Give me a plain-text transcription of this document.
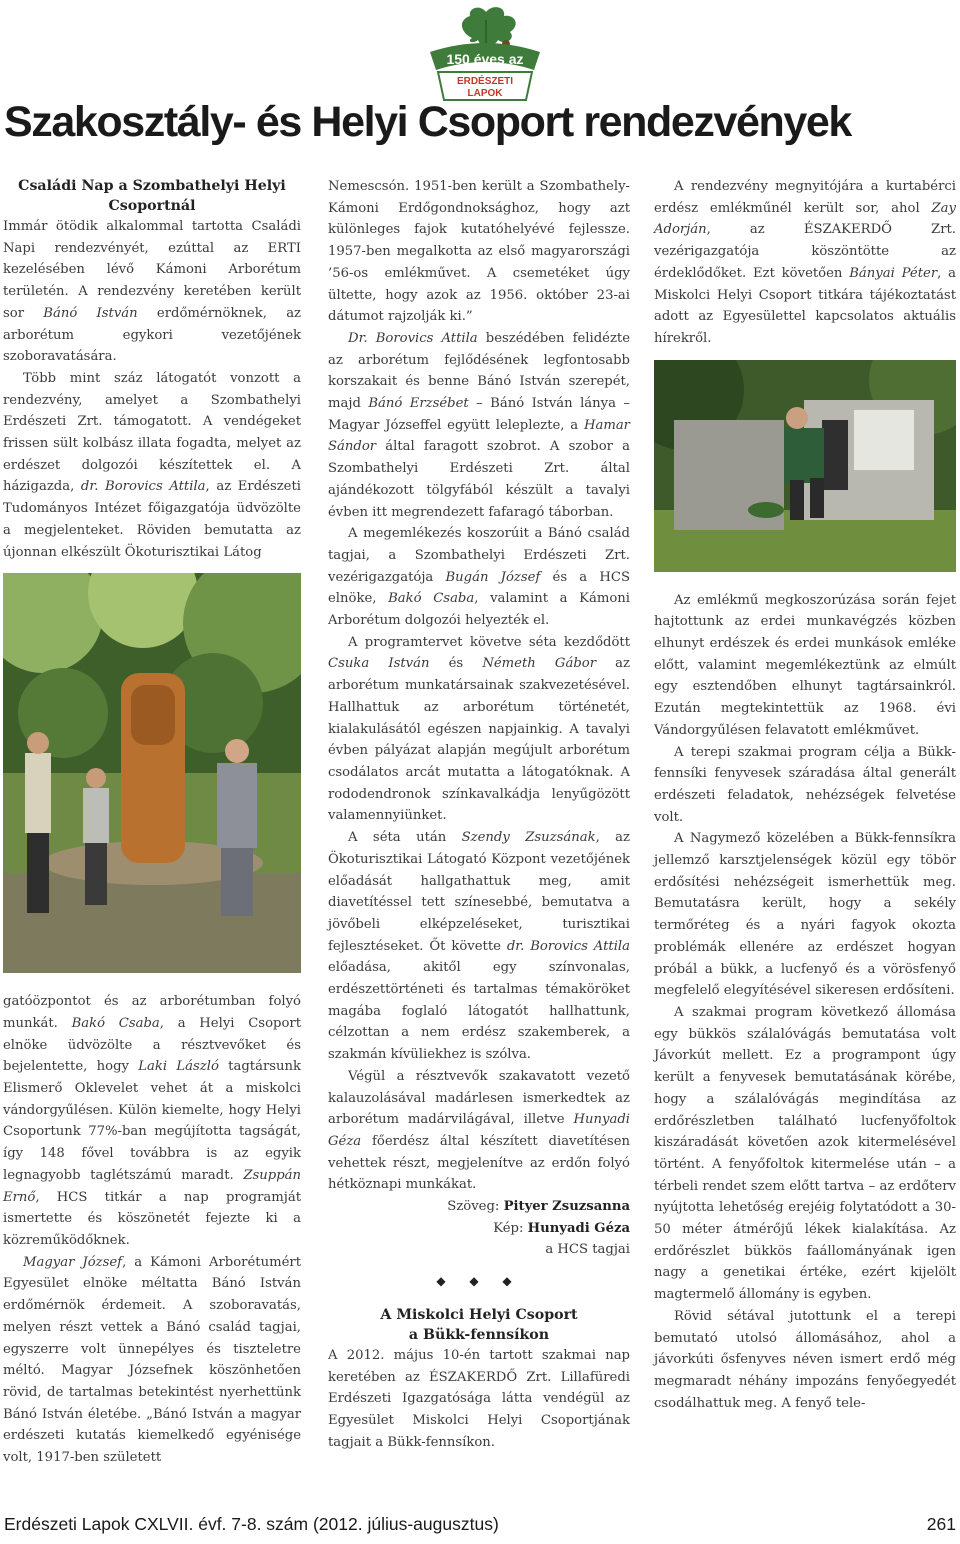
150 éves az
ERDÉSZETI
LAPOK
Szakosztály- és Helyi Csoport rendezvények
Családi Nap a Szombathelyi Helyi
Csoportnál

Immár ötödik alkalommal tartotta Családi Napi rendezvényét, ezúttal az ERTI kezelésében lévő Kámoni Arborétum területén. A rendezvény keretében került sor Bánó István erdőmérnöknek, az arborétum egykori vezetőjének szoboravatására.

Több mint száz látogatót vonzott a rendezvény, amelyet a Szombathelyi Erdészeti Zrt. támogatott. A vendégeket frissen sült kolbász illata fogadta, melyet az erdészet dolgozói készítettek el. A házigazda, dr. Borovics Attila, az Erdészeti Tudományos Intézet főigazgatója üdvözölte a megjelenteket. Röviden bemutatta az újonnan elkészült Ökoturisztikai Látog

gatóözpontot és az arborétumban folyó munkát. Bakó Csaba, a Helyi Csoport elnöke üdvözölte a résztvevőket és bejelentette, hogy Laki László tagtársunk Elismerő Oklevelet vehet át a miskolci vándorgyűlésen. Külön kiemelte, hogy Helyi Csoportunk 77%-ban megújította tagságát, így 148 fővel továbbra is az egyik legnagyobb taglétszámú maradt. Zsuppán Ernő, HCS titkár a nap programját ismertette és köszönetét fejezte ki a közreműködőknek.

Magyar József, a Kámoni Arborétumért Egyesület elnöke méltatta Bánó István erdőmérnök érdemeit. A szoboravatás, melyen részt vettek a Bánó család tagjai, egyszerre volt ünnepélyes és tiszteletre méltó. Magyar Józsefnek köszönhetően rövid, de tartalmas betekintést nyerhettünk Bánó István életébe. „Bánó István a magyar erdészeti kutatás kiemelkedő egyénisége volt, 1917-ben született

Nemescsón. 1951-ben került a Szombathely-Kámoni Erdőgondnoksághoz, hogy azt különleges fajok kutatóhelyévé fejlessze. 1957-ben megalkotta az első magyarországi ’56-os emlékművet. A csemetéket úgy ültette, hogy azok az 1956. október 23-ai dátumot rajzolják ki.”

Dr. Borovics Attila beszédében felidézte az arborétum fejlődésének legfontosabb korszakait és benne Bánó István szerepét, majd Bánó Erzsébet – Bánó István lánya – Magyar Józseffel együtt leleplezte, a Hamar Sándor által faragott szobrot. A szobor a Szombathelyi Erdészeti Zrt. által ajándékozott tölgyfából készült a tavalyi évben itt megrendezett fafaragó táborban.

A megemlékezés koszorúit a Bánó család tagjai, a Szombathelyi Erdészeti Zrt. vezérigazgatója Bugán József és a HCS elnöke, Bakó Csaba, valamint a Kámoni Arborétum dolgozói helyezték el.

A programtervet követve séta kezdődött Csuka István és Németh Gábor az arborétum munkatársainak szakvezetésével. Hallhattuk az arborétum történetét, kialakulásától egészen napjainkig. A tavalyi évben pályázat alapján megújult arborétum csodálatos arcát mutatta a látogatóknak. A rododendronok színkavalkádja lenyűgözött valamennyiünket.

A séta után Szendy Zsuzsának, az Ökoturisztikai Látogató Központ vezetőjének előadását hallgathattuk meg, amit diavetítéssel tett színesebbé, bemutatva a jövőbeli elképzeléseket, turisztikai fejlesztéseket. Őt követte dr. Borovics Attila előadása, akitől egy színvonalas, erdészettörténeti és tartalmas témaköröket magába foglaló látogatót hallhattunk, célzottan a nem erdész szakemberek, a szakmán kívüliekhez is szólva.

Végül a résztvevők szakavatott vezető kalauzolásával madárlesen ismerkedtek az arborétum madárvilágával, illetve Hunyadi Géza főerdész által készített diavetítésen vehettek részt, megjelenítve az erdőn folyó hétköznapi munkákat.

Szöveg: Pityer Zsuzsanna
Kép: Hunyadi Géza
a HCS tagjai
◆ ◆ ◆
A Miskolci Helyi Csoport
a Bükk-fennsíkon

A 2012. május 10-én tartott szakmai nap keretében az ÉSZAKERDŐ Zrt. Lillafüredi Erdészeti Igazgatósága látta vendégül az Egyesület Miskolci Helyi Csoportjának tagjait a Bükk-fennsíkon.

A rendezvény megnyitójára a kurtabérci erdész emlékműnél került sor, ahol Zay Adorján, az ÉSZAKERDŐ Zrt. vezérigazgatója köszöntötte az érdeklődőket. Ezt követően Bányai Péter, a Miskolci Helyi Csoport titkára tájékoztatást adott az Egyesülettel kapcsolatos aktuális hírekről.

Az emlékmű megkoszorúzása során fejet hajtottunk az erdei munkavégzés közben elhunyt erdészek és erdei munkások emléke előtt, valamint megemlékeztünk az elmúlt egy esztendőben elhunyt tagtársainkról. Ezután megtekintettük az 1968. évi Vándorgyűlésen felavatott emlékművet.

A terepi szakmai program célja a Bükk-fennsíki fenyvesek száradása által generált erdészeti feladatok, nehézségek felvetése volt.

A Nagymező közelében a Bükk-fennsíkra jellemző karsztjelenségek közül egy töbör erdősítési nehézségeit ismerhettük meg. Bemutatásra került, hogy a sekély termőréteg és a nyári fagyok okozta problémák ellenére az erdészet hogyan próbál a bükk, a lucfenyő és a vörösfenyő megfelelő elegyítésével sikeresen erdősíteni.

A szakmai program következő állomása egy bükkös szálalóvágás bemutatása volt Jávorkút mellett. Ez a programpont úgy került a fenyvesek bemutatásának körébe, hogy a szálalóvágás megindítása az erdőrészletben található lucfenyőfoltok kiszáradását követően azok kitermelésével történt. A fenyőfoltok kitermelése után – a térbeli rendet szem előtt tartva – az erdőterv nyújtotta lehetőség erejéig folytatódott a 30-50 méter átmérőjű lékek kialakítása. Az erdőrészlet bükkös faállományának igen nagy a genetikai értéke, ezért kijelölt magtermelő állomány is egyben.

Rövid sétával jutottunk el a terepi bemutató utolsó állomásához, ahol a jávorkúti ősfenyves néven ismert erdő még megmaradt néhány impozáns fenyőegyedét csodálhattuk meg. A fenyő tele-

Erdészeti Lapok CXLVII. évf. 7-8. szám (2012. július-augusztus)	261
